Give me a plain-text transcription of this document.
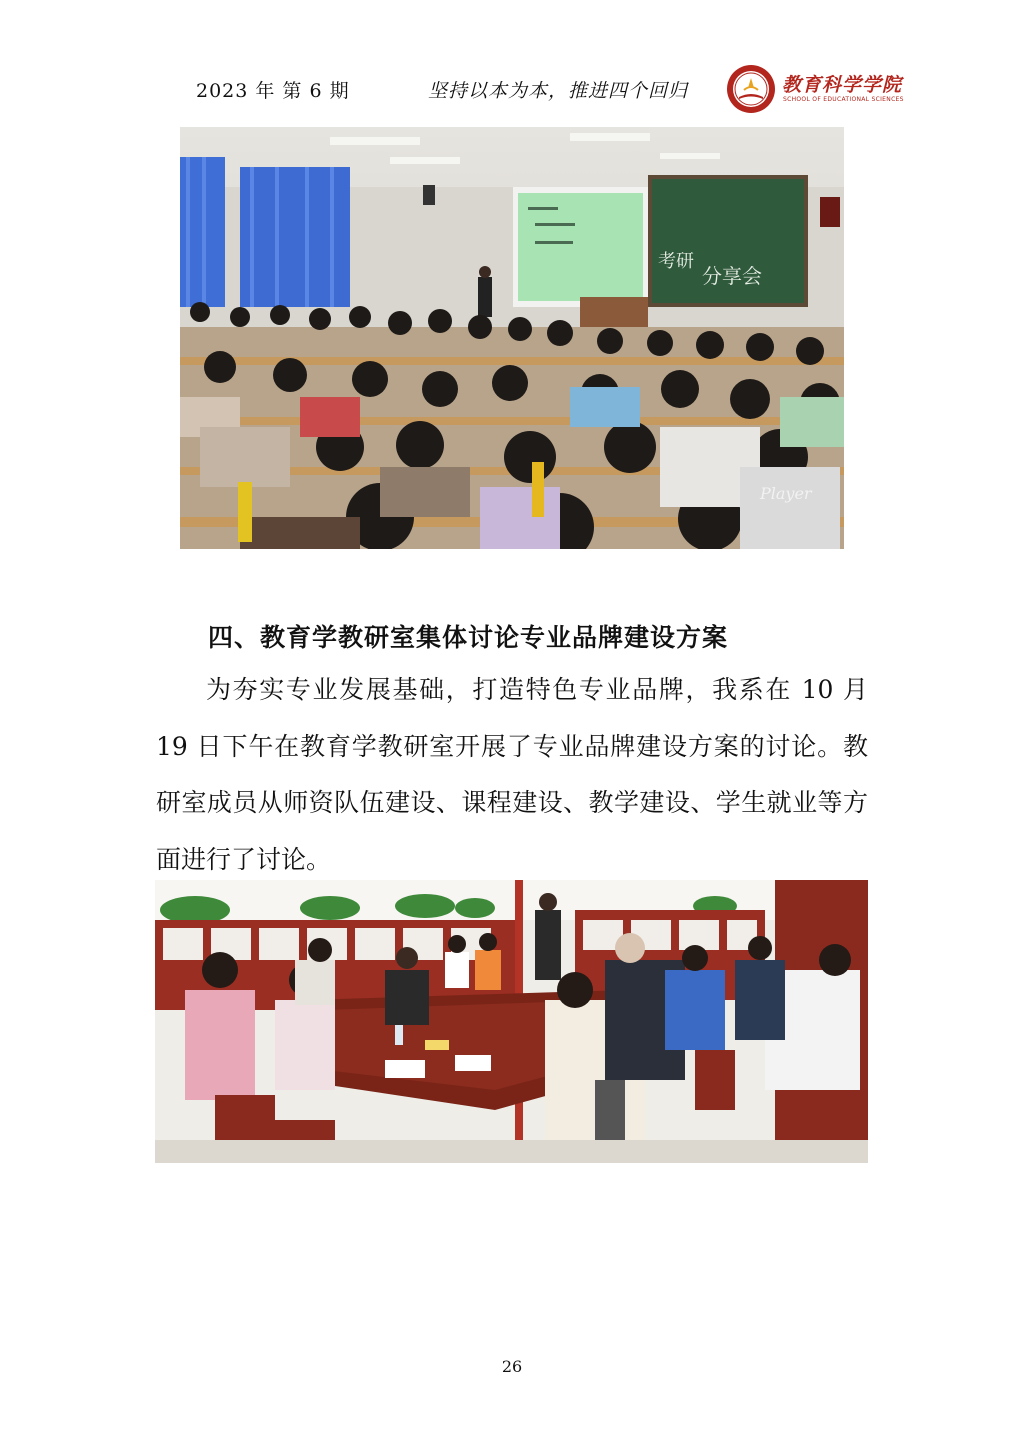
2023 年 第 6 期	坚持以本为本，推进四个回归	教育科学学院
SCHOOL OF EDUCATIONAL SCIENCES
考研
分享会
Player
四、教育学教研室集体讨论专业品牌建设方案

为夯实专业发展基础，打造特色专业品牌，我系在 10 月 19 日下午在教育学教研室开展了专业品牌建设方案的讨论。教研室成员从师资队伍建设、课程建设、教学建设、学生就业等方面进行了讨论。

26
